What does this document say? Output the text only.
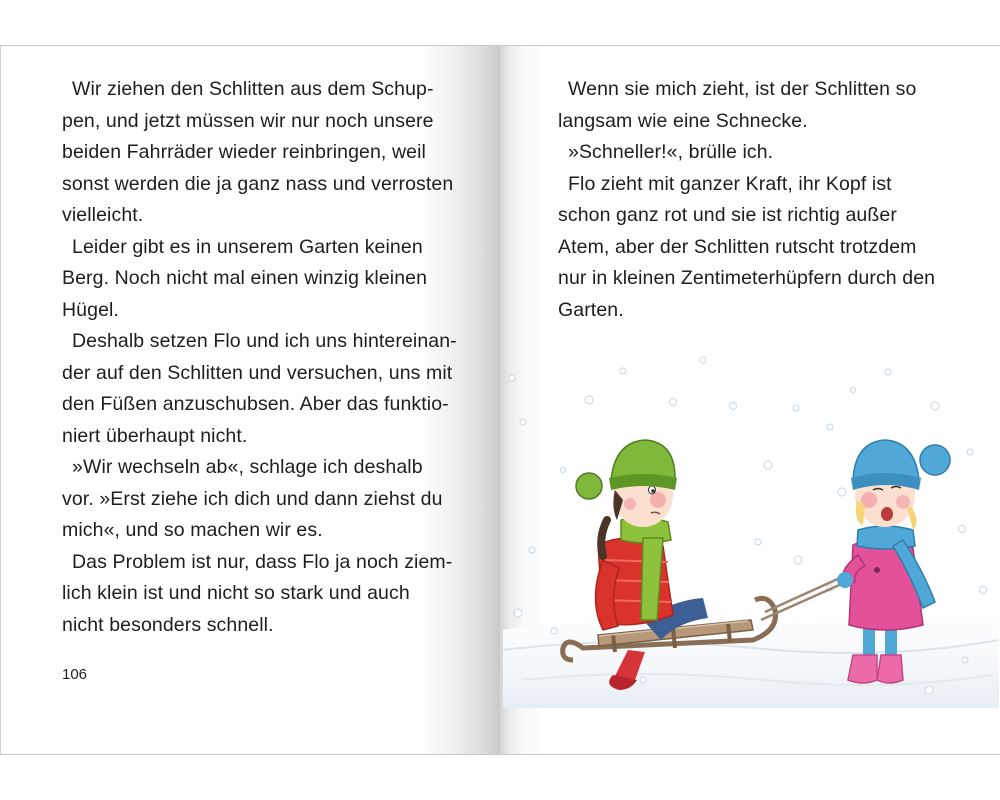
Wir ziehen den Schlitten aus dem Schup-
pen, und jetzt müssen wir nur noch unsere
beiden Fahrräder wieder reinbringen, weil
sonst werden die ja ganz nass und verrosten
vielleicht.
Leider gibt es in unserem Garten keinen
Berg. Noch nicht mal einen winzig kleinen
Hügel.
Deshalb setzen Flo und ich uns hintereinan-
der auf den Schlitten und versuchen, uns mit
den Füßen anzuschubsen. Aber das funktio-
niert überhaupt nicht.
»Wir wechseln ab«, schlage ich deshalb
vor. »Erst ziehe ich dich und dann ziehst du
mich«, und so machen wir es.
Das Problem ist nur, dass Flo ja noch ziem-
lich klein ist und nicht so stark und auch
nicht besonders schnell.
106
Wenn sie mich zieht, ist der Schlitten so
langsam wie eine Schnecke.
»Schneller!«, brülle ich.
Flo zieht mit ganzer Kraft, ihr Kopf ist
schon ganz rot und sie ist richtig außer
Atem, aber der Schlitten rutscht trotzdem
nur in kleinen Zentimeterhüpfern durch den
Garten.
